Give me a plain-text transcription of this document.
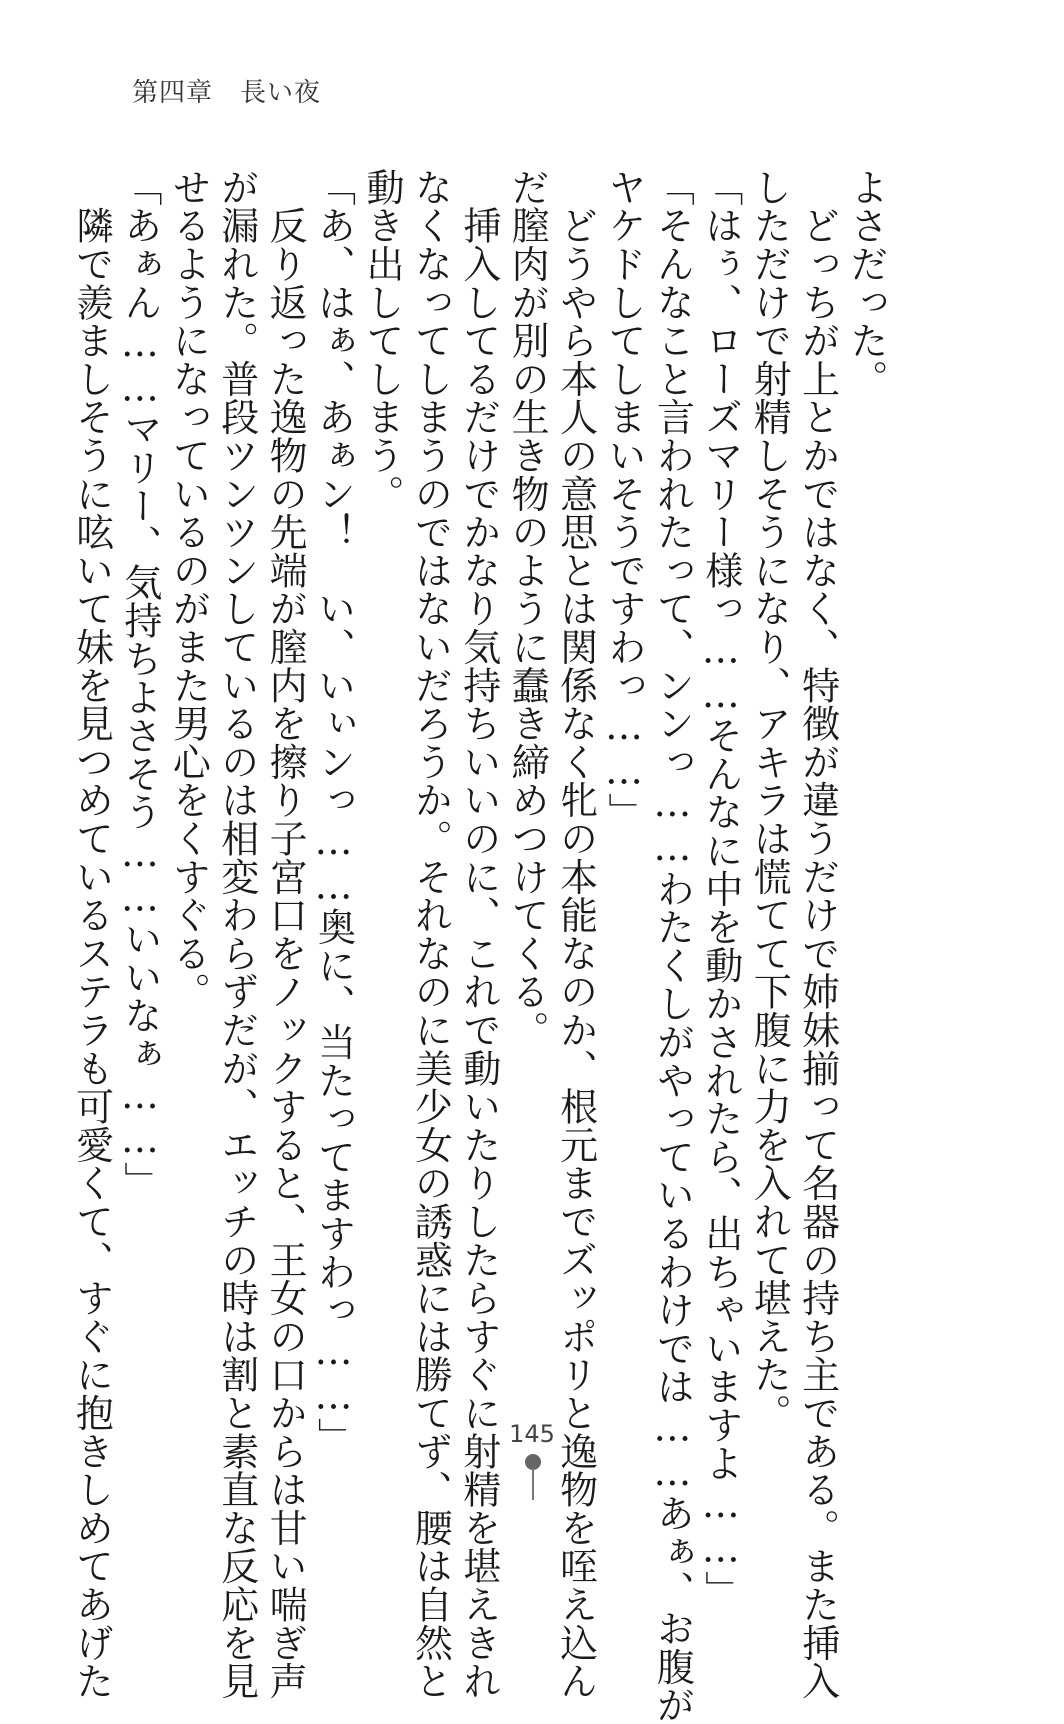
第四章　長い夜
よさだった。
　どっちが上とかではなく、特徴が違うだけで姉妹揃って名器の持ち主である。また挿入
しただけで射精しそうになり、アキラは慌てて下腹に力を入れて堪えた。
「はぅ、ローズマリー様っ……そんなに中を動かされたら、出ちゃいますよ……」
「そんなこと言われたって、ンンっ……わたくしがやっているわけでは……あぁ、お腹が
ヤケドしてしまいそうですわっ……」
　どうやら本人の意思とは関係なく牝の本能なのか、根元までズッポリと逸物を咥え込ん
だ膣肉が別の生き物のように蠢き締めつけてくる。
　挿入してるだけでかなり気持ちいいのに、これで動いたりしたらすぐに射精を堪えきれ
なくなってしまうのではないだろうか。それなのに美少女の誘惑には勝てず、腰は自然と
動き出してしまう。
「あ、はぁ、あぁン！　い、いぃンっ……奥に、当たってますわっ……」
　反り返った逸物の先端が膣内を擦り子宮口をノックすると、王女の口からは甘い喘ぎ声
が漏れた。普段ツンツンしているのは相変わらずだが、エッチの時は割と素直な反応を見
せるようになっているのがまた男心をくすぐる。
「あぁん……マリー、気持ちよさそう……いいなぁ……」
　隣で羨ましそうに呟いて妹を見つめているステラも可愛くて、すぐに抱きしめてあげた	145
